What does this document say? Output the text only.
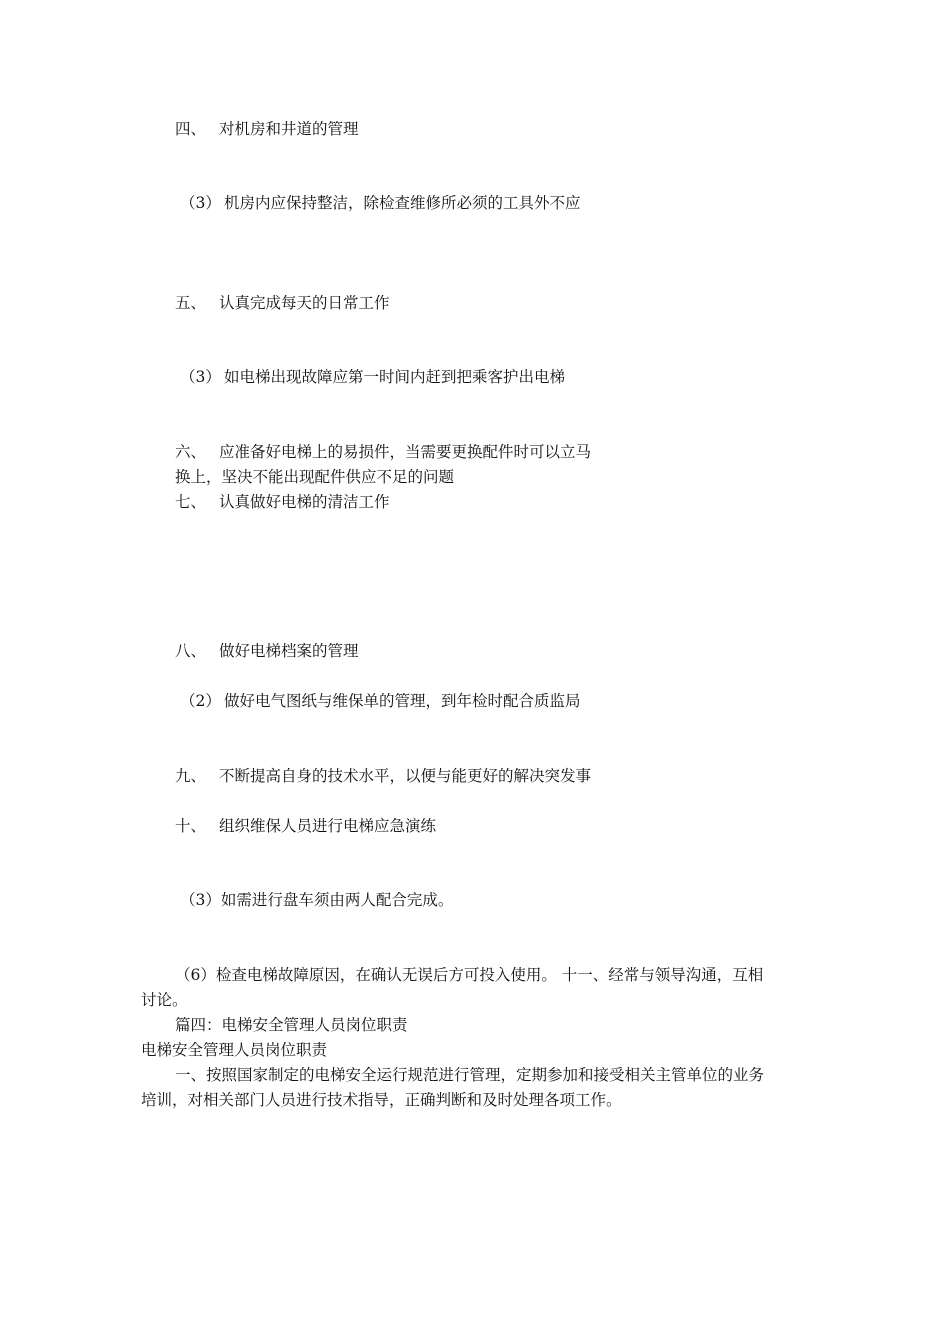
四、 对机房和井道的管理
（3） 机房内应保持整洁，除检查维修所必须的工具外不应
五、 认真完成每天的日常工作
（3） 如电梯出现故障应第一时间内赶到把乘客护出电梯
六、 应准备好电梯上的易损件，当需要更换配件时可以立马
换上，坚决不能出现配件供应不足的问题
七、 认真做好电梯的清洁工作
八、 做好电梯档案的管理
（2） 做好电气图纸与维保单的管理，到年检时配合质监局
九、 不断提高自身的技术水平，以便与能更好的解决突发事
十、 组织维保人员进行电梯应急演练
（3）如需进行盘车须由两人配合完成。
（6）检查电梯故障原因，在确认无误后方可投入使用。 十一、经常与领导沟通，互相
讨论。
篇四：电梯安全管理人员岗位职责
电梯安全管理人员岗位职责
一、按照国家制定的电梯安全运行规范进行管理，定期参加和接受相关主管单位的业务
培训，对相关部门人员进行技术指导，正确判断和及时处理各项工作。
